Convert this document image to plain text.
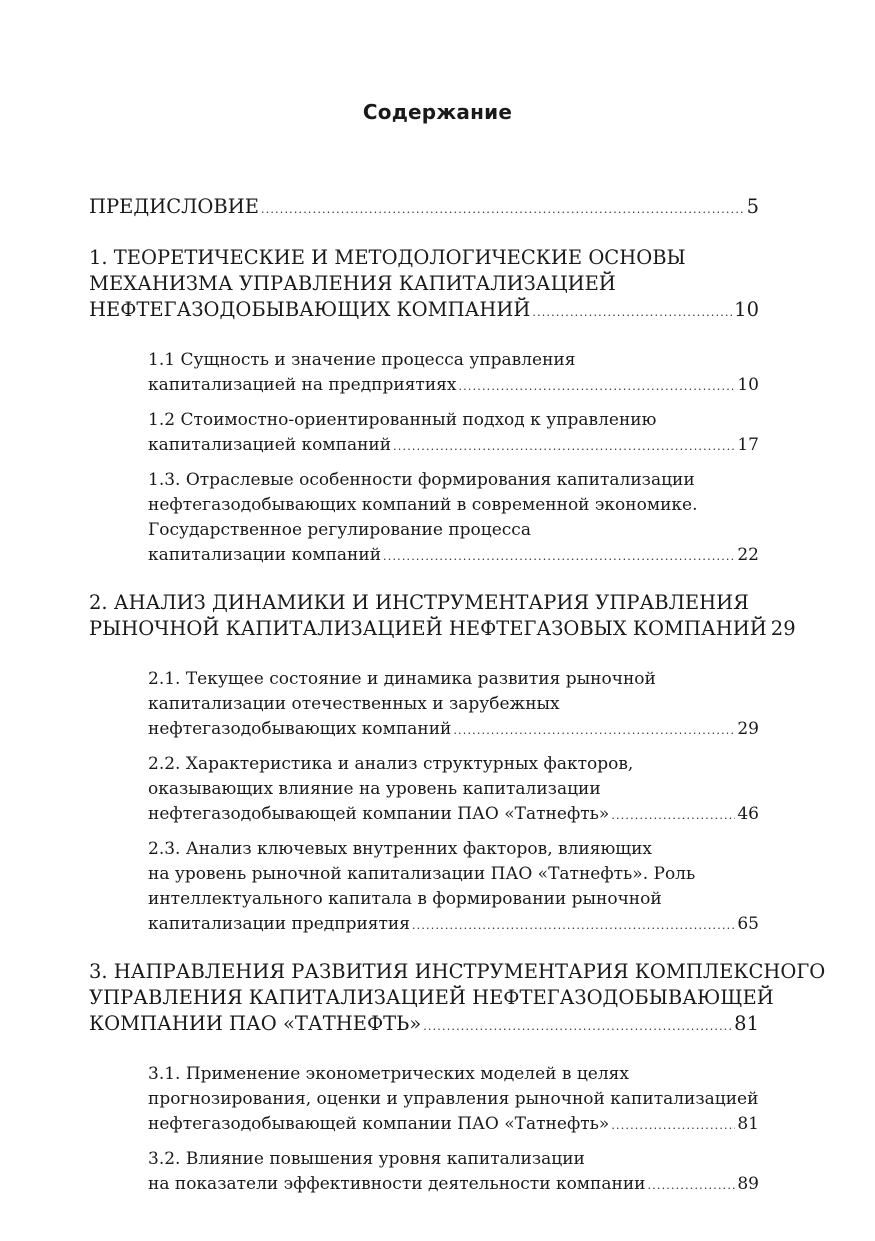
Содержание
ПРЕДИСЛОВИЕ .....	5
1. ТЕОРЕТИЧЕСКИЕ И МЕТОДОЛОГИЧЕСКИЕ ОСНОВЫ
МЕХАНИЗМА УПРАВЛЕНИЯ КАПИТАЛИЗАЦИЕЙ
НЕФТЕГАЗОДОБЫВАЮЩИХ КОМПАНИЙ .....	10
1.1 Сущность и значение процесса управления
капитализацией на предприятиях .....	10
1.2 Стоимостно-ориентированный подход к управлению
капитализацией компаний .....	17
1.3. Отраслевые особенности формирования капитализации
нефтегазодобывающих компаний в современной экономике.
Государственное регулирование процесса
капитализации компаний .....	22
2. АНАЛИЗ ДИНАМИКИ И ИНСТРУМЕНТАРИЯ УПРАВЛЕНИЯ
РЫНОЧНОЙ КАПИТАЛИЗАЦИЕЙ НЕФТЕГАЗОВЫХ КОМПАНИЙ 29
2.1. Текущее состояние и динамика развития рыночной
капитализации отечественных и зарубежных
нефтегазодобывающих компаний .....	29
2.2. Характеристика и анализ структурных факторов,
оказывающих влияние на уровень капитализации
нефтегазодобывающей компании ПАО «Татнефть» .....	46
2.3. Анализ ключевых внутренних факторов, влияющих
на уровень рыночной капитализации ПАО «Татнефть». Роль
интеллектуального капитала в формировании рыночной
капитализации предприятия .....	65
3. НАПРАВЛЕНИЯ РАЗВИТИЯ ИНСТРУМЕНТАРИЯ КОМПЛЕКСНОГО
УПРАВЛЕНИЯ КАПИТАЛИЗАЦИЕЙ НЕФТЕГАЗОДОБЫВАЮЩЕЙ
КОМПАНИИ ПАО «ТАТНЕФТЬ» .....	81
3.1. Применение эконометрических моделей в целях
прогнозирования, оценки и управления рыночной капитализацией
нефтегазодобывающей компании ПАО «Татнефть» .....	81
3.2. Влияние повышения уровня капитализации
на показатели эффективности деятельности компании .....	89
